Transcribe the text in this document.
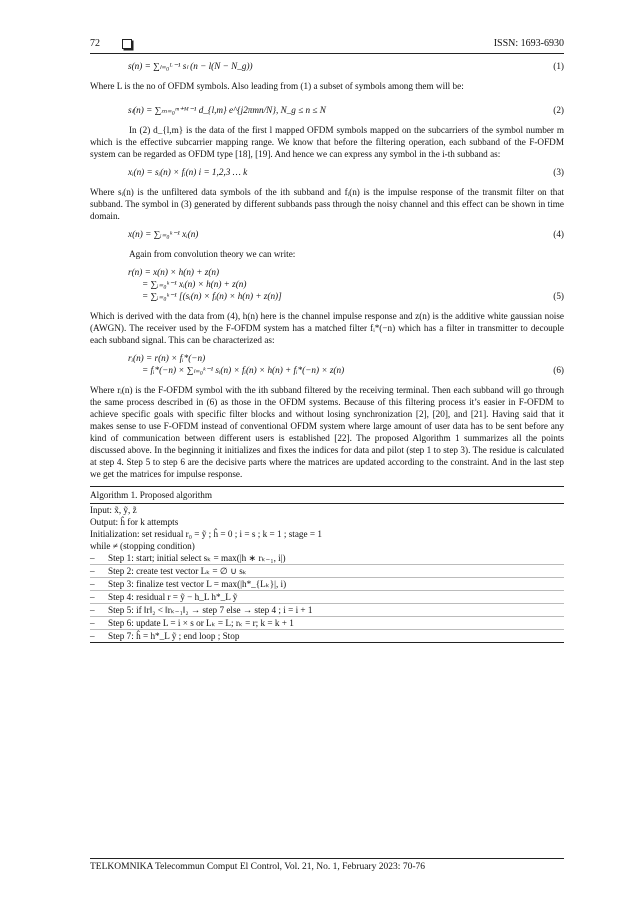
72	ISSN: 1693-6930
s(n) = ∑ₗ₌₀ᴸ⁻¹ sₗ (n − l(N − N_g))	(1)

Where L is the no of OFDM symbols. Also leading from (1) a subset of symbols among them will be:

sₗ(n) = ∑ₘ₌₀ᵐ⁺ᴹ⁻¹ d_{l,m} e^{j2πmn/N}, N_g ≤ n ≤ N	(2)

In (2) d_{l,m} is the data of the first l mapped OFDM symbols mapped on the subcarriers of the symbol number m which is the effective subcarrier mapping range. We know that before the filtering operation, each subband of the F-OFDM system can be regarded as OFDM type [18], [19]. And hence we can express any symbol in the i-th subband as:

xᵢ(n) = sᵢ(n) × fᵢ(n) i = 1,2,3 … k	(3)

Where sᵢ(n) is the unfiltered data symbols of the ith subband and fᵢ(n) is the impulse response of the transmit filter on that subband. The symbol in (3) generated by different subbands pass through the noisy channel and this effect can be shown in time domain.

x(n) = ∑ᵢ₌₀ᵏ⁻¹ xᵢ(n)	(4)

Again from convolution theory we can write:

r(n) = x(n) × h(n) + z(n)
= ∑ᵢ₌₀ᵏ⁻¹ xᵢ(n) × h(n) + z(n)
= ∑ᵢ₌₀ᵏ⁻¹ [(sᵢ(n) × fᵢ(n) × h(n) + z(n)]	(5)

Which is derived with the data from (4), h(n) here is the channel impulse response and z(n) is the additive white gaussian noise (AWGN). The receiver used by the F-OFDM system has a matched filter fᵢ*(−n) which has a filter in transmitter to decouple each subband signal. This can be characterized as:

rᵢ(n) = r(n) × fᵢ*(−n)
= fᵢ*(−n) × ∑ₗ₌₀ᵏ⁻¹ sᵢ(n) × fᵢ(n) × h(n) + fᵢ*(−n) × z(n)	(6)

Where rᵢ(n) is the F-OFDM symbol with the ith subband filtered by the receiving terminal. Then each subband will go through the same process described in (6) as those in the OFDM systems. Because of this filtering process it’s easier in F-OFDM to achieve specific goals with specific filter blocks and without losing synchronization [2], [20], and [21]. Having said that it makes sense to use F-OFDM instead of conventional OFDM system where large amount of user data has to be sent before any kind of communication between different users is established [22]. The proposed Algorithm 1 summarizes all the points discussed above. In the beginning it initializes and fixes the indices for data and pilot (step 1 to step 3). The residue is calculated at step 4. Step 5 to step 6 are the decisive parts where the matrices are updated according to the constraint. And in the last step we get the matrices for impulse response.

Algorithm 1. Proposed algorithm
Input: x̃, ỹ, z̃
Output: ĥ for k attempts
Initialization: set residual r₀ = ỹ ; ĥ = 0 ; i = s ; k = 1 ; stage = 1
while ≠ (stopping condition)
–	Step 1: start; initial select sₖ = max(|h ∗ rₖ₋₁, i|)
–	Step 2: create test vector Lₖ = ∅ ∪ sₖ
–	Step 3: finalize test vector L = max(|h*_{Lₖ}|, i)
–	Step 4: residual r = ỹ − h_L h*_L ỹ
–	Step 5: if ‖r‖₂ < ‖rₖ₋₁‖₂ → step 7 else → step 4 ; i = i + 1
–	Step 6: update L = i × s or Lₖ = L; rₖ = r; k = k + 1
–	Step 7: ĥ = h*_L ỹ ; end loop ; Stop
TELKOMNIKA Telecommun Comput El Control, Vol. 21, No. 1, February 2023: 70-76
